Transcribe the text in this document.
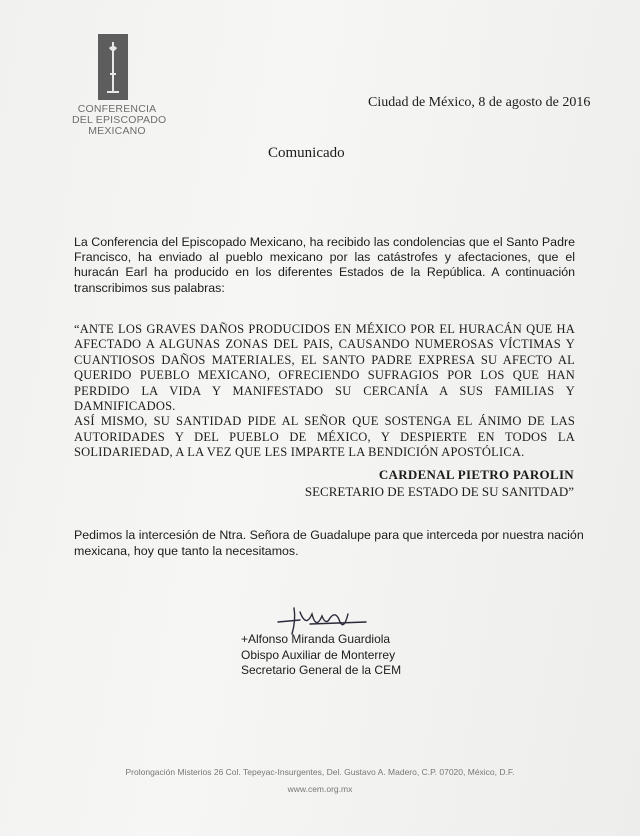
CONFERENCIA
DEL EPISCOPADO
MEXICANO
Ciudad de México, 8 de agosto de 2016
Comunicado
La Conferencia del Episcopado Mexicano, ha recibido las condolencias que el Santo Padre Francisco, ha enviado al pueblo mexicano por las catástrofes y afectaciones, que el huracán Earl ha producido en los diferentes Estados de la República. A continuación transcribimos sus palabras:

“ANTE LOS GRAVES DAÑOS PRODUCIDOS EN MÉXICO POR EL HURACÁN QUE HA AFECTADO A ALGUNAS ZONAS DEL PAIS, CAUSANDO NUMEROSAS VÍCTIMAS Y CUANTIOSOS DAÑOS MATERIALES, EL SANTO PADRE EXPRESA SU AFECTO AL QUERIDO PUEBLO MEXICANO, OFRECIENDO SUFRAGIOS POR LOS QUE HAN PERDIDO LA VIDA Y MANIFESTADO SU CERCANÍA A SUS FAMILIAS Y DAMNIFICADOS.

ASÍ MISMO, SU SANTIDAD PIDE AL SEÑOR QUE SOSTENGA EL ÁNIMO DE LAS AUTORIDADES Y DEL PUEBLO DE MÉXICO, Y DESPIERTE EN TODOS LA SOLIDARIEDAD, A LA VEZ QUE LES IMPARTE LA BENDICIÓN APOSTÓLICA.

CARDENAL PIETRO PAROLIN
SECRETARIO DE ESTADO DE SU SANITDAD”
Pedimos la intercesión de Ntra. Señora de Guadalupe para que interceda por nuestra nación mexicana, hoy que tanto la necesitamos.
+Alfonso Miranda Guardiola
Obispo Auxiliar de Monterrey
Secretario General de la CEM
Prolongación Misterios 26 Col. Tepeyac-Insurgentes, Del. Gustavo A. Madero, C.P. 07020, México, D.F.
www.cem.org.mx
